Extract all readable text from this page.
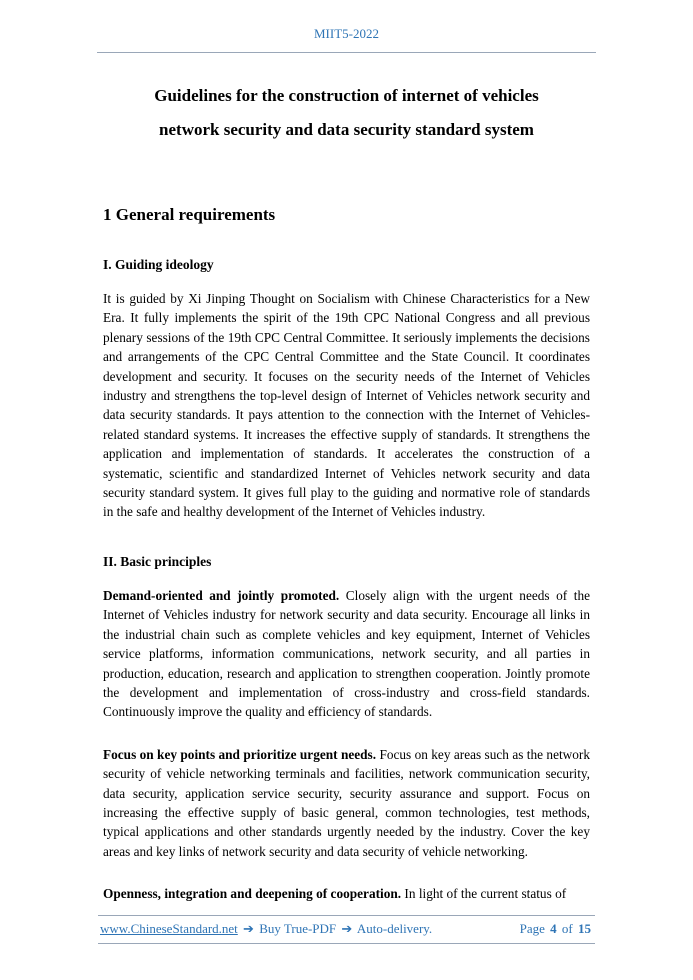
MIIT5-2022
Guidelines for the construction of internet of vehicles
network security and data security standard system
1 General requirements
I. Guiding ideology

It is guided by Xi Jinping Thought on Socialism with Chinese Characteristics for a New Era. It fully implements the spirit of the 19th CPC National Congress and all previous plenary sessions of the 19th CPC Central Committee. It seriously implements the decisions and arrangements of the CPC Central Committee and the State Council. It coordinates development and security. It focuses on the security needs of the Internet of Vehicles industry and strengthens the top-level design of Internet of Vehicles network security and data security standards. It pays attention to the connection with the Internet of Vehicles-related standard systems. It increases the effective supply of standards. It strengthens the application and implementation of standards. It accelerates the construction of a systematic, scientific and standardized Internet of Vehicles network security and data security standard system. It gives full play to the guiding and normative role of standards in the safe and healthy development of the Internet of Vehicles industry.

II. Basic principles

Demand-oriented and jointly promoted. Closely align with the urgent needs of the Internet of Vehicles industry for network security and data security. Encourage all links in the industrial chain such as complete vehicles and key equipment, Internet of Vehicles service platforms, information communications, network security, and all parties in production, education, research and application to strengthen cooperation. Jointly promote the development and implementation of cross-industry and cross-field standards. Continuously improve the quality and efficiency of standards.

Focus on key points and prioritize urgent needs. Focus on key areas such as the network security of vehicle networking terminals and facilities, network communication security, data security, application service security, security assurance and support. Focus on increasing the effective supply of basic general, common technologies, test methods, typical applications and other standards urgently needed by the industry. Cover the key areas and key links of network security and data security of vehicle networking.

Openness, integration and deepening of cooperation. In light of the current status of

www.ChineseStandard.net ➔ Buy True-PDF ➔ Auto-delivery.	Page 4 of 15
